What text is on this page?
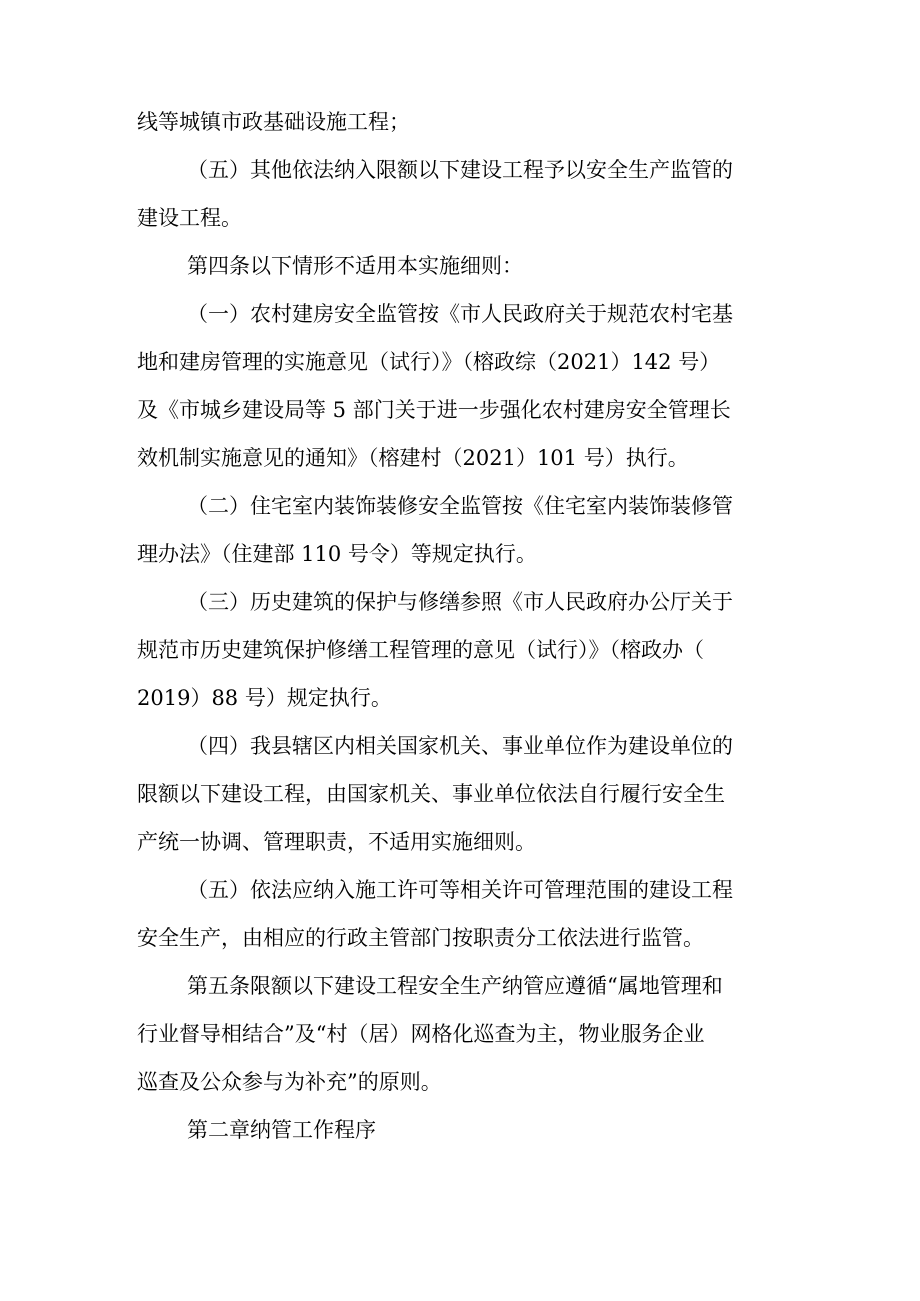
线等城镇市政基础设施工程；

（五）其他依法纳入限额以下建设工程予以安全生产监管的

建设工程。

第四条以下情形不适用本实施细则：

（一）农村建房安全监管按《市人民政府关于规范农村宅基

地和建房管理的实施意见（试行）》（榕政综（2021）142 号）

及《市城乡建设局等 5 部门关于进一步强化农村建房安全管理长

效机制实施意见的通知》（榕建村（2021）101 号）执行。

（二）住宅室内装饰装修安全监管按《住宅室内装饰装修管

理办法》（住建部 110 号令）等规定执行。

（三）历史建筑的保护与修缮参照《市人民政府办公厅关于

规范市历史建筑保护修缮工程管理的意见（试行）》（榕政办（

2019）88 号）规定执行。

（四）我县辖区内相关国家机关、事业单位作为建设单位的

限额以下建设工程，由国家机关、事业单位依法自行履行安全生

产统一协调、管理职责，不适用实施细则。

（五）依法应纳入施工许可等相关许可管理范围的建设工程

安全生产，由相应的行政主管部门按职责分工依法进行监管。

第五条限额以下建设工程安全生产纳管应遵循“属地管理和

行业督导相结合”及“村（居）网格化巡查为主，物业服务企业

巡查及公众参与为补充”的原则。

第二章纳管工作程序
